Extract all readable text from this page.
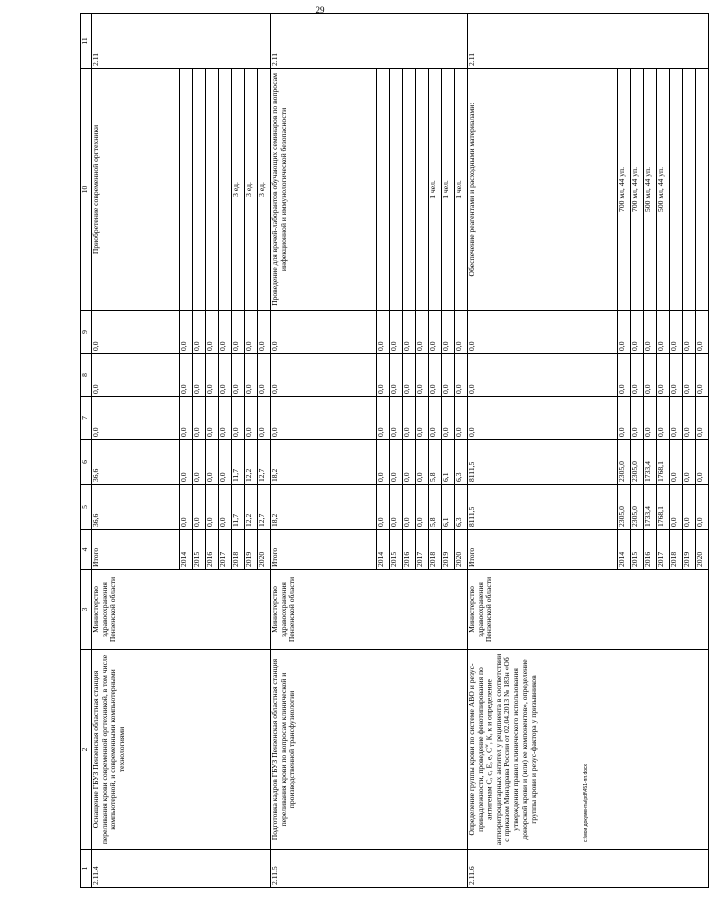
29
1	2	3	4	5	6	7	8	9	10	11
2.11.4	Оснащение ГБУЗ Пензенская областная станция переливания крови современной оргтехникой, в том числе компьютерной, и современными компьютерными технологиями	Министерство здравоохранения Пензенской области	Итого	36,6	36,6	0,0	0,0	0,0	Приобретение современной оргтехники	2.11
			2014	0,0	0,0	0,0	0,0	0,0		
			2015	0,0	0,0	0,0	0,0	0,0		
			2016	0,0	0,0	0,0	0,0	0,0		
			2017	0,0	0,0	0,0	0,0	0,0		
			2018	11,7	11,7	0,0	0,0	0,0	3 ед.	
			2019	12,2	12,2	0,0	0,0	0,0	3 ед.	
			2020	12,7	12,7	0,0	0,0	0,0	3 ед.	
2.11.5	Подготовка кадров ГБУЗ Пензенская областная станция переливания крови по вопросам клинической и производственной трансфузиологии	Министерство здравоохранения Пензенской области	Итого	18,2	18,2	0,0	0,0	0,0	Проведение для врачей-лаборантов обучающих семинаров по вопросам инфекционной и иммунологической безопасности	2.11
			2014	0,0	0,0	0,0	0,0	0,0		
			2015	0,0	0,0	0,0	0,0	0,0		
			2016	0,0	0,0	0,0	0,0	0,0		
			2017	0,0	0,0	0,0	0,0	0,0		
			2018	5,8	5,8	0,0	0,0	0,0	1 чел.	
			2019	6,1	6,1	0,0	0,0	0,0	1 чел.	
			2020	6,3	6,3	0,0	0,0	0,0	1 чел.	
2.11.6	Определение группы крови по системе АВО и резус-принадлежности, проведение фенотипирования по антигенам С, с, Е, е, $С^w$, К, к и определение антиэритроцитарных антител у реципиента в соответствии с приказом Минздрава России от 02.04.2013 № 183н «Об утверждении правил клинического использования донорской крови и (или) ее компонентов», определение группы крови и резус-фактора у призывников	Министерство здравоохранения Пензенской области	Итого	8111,5	8111,5	0,0	0,0	0,0	Обеспечение реагентами и расходными материалами:	2.11
			2014	2305,0	2305,0	0,0	0,0	0,0	700 мл, 44 уп.	
			2015	2305,0	2305,0	0,0	0,0	0,0	700 мл, 44 уп.	
			2016	1733,4	1733,4	0,0	0,0	0,0	500 мл, 44 уп.	
			2017	1768,1	1768,1	0,0	0,0	0,0	500 мл, 44 уп.	
			2018	0,0	0,0	0,0	0,0	0,0		
			2019	0,0	0,0	0,0	0,0	0,0		
			2020	0,0	0,0	0,0	0,0	0,0		
c:\мои документы\pdf\451-пп.docx
